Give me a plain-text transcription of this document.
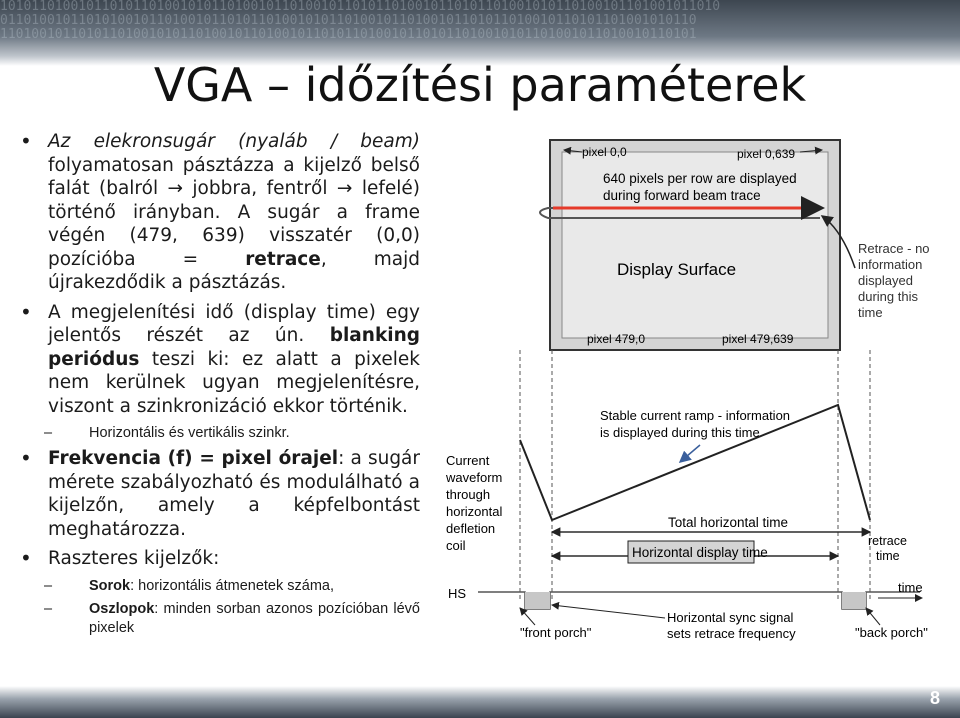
10101101001011010110100101011010010110100101101011010010110101101001010110100101101001011010
01101001011010100101101001011010110100101011010010110100101101011010010110101101001010110
11010010110101101001010110100101101001011010110100101101011010010101101001011010010110101
VGA – időzítési paraméterek
• Az elekronsugár (nyaláb / beam) folyamatosan pásztázza a kijelző belső falát (balról → jobbra, fentről → lefelé) történő irányban. A sugár a frame végén (479, 639) visszatér (0,0) pozícióba = retrace, majd újrakezdődik a pásztázás.
• A megjelenítési idő (display time) egy jelentős részét az ún. blanking periódus teszi ki: ez alatt a pixelek nem kerülnek ugyan megjelenítésre, viszont a szinkronizáció ekkor történik.
– Horizontális és vertikális szinkr.
• Frekvencia (f) = pixel órajel: a sugár mérete szabályozható és modulálható a kijelzőn, amely a képfelbontást meghatározza.
• Raszteres kijelzők:
– Sorok: horizontális átmenetek száma,
– Oszlopok: minden sorban azonos pozícióban lévő pixelek
pixel 0,0	pixel 0,639
640 pixels per row are displayed
during forward beam trace
Display Surface
pixel 479,0	pixel 479,639
Retrace - no
information
displayed
during this
time
Stable current ramp - information
is displayed during this time
Current
waveform
through
horizontal
defletion
coil
Total horizontal time
Horizontal display time
retrace
time
HS	time
"front porch"
Horizontal sync signal
sets retrace frequency	"back porch"
8
